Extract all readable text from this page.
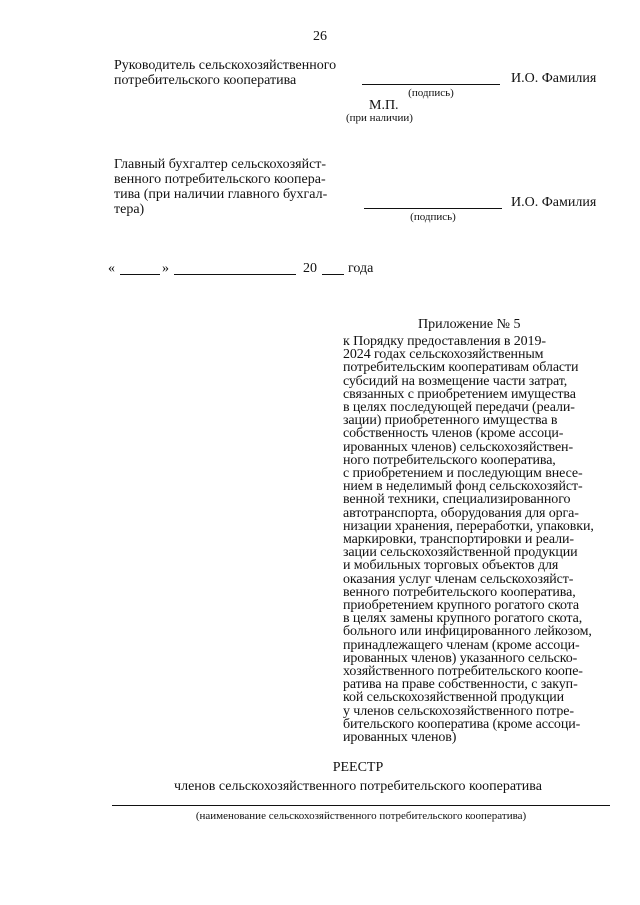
26
Руководитель сельскохозяйственного
потребительского кооператива
(подпись)
И.О. Фамилия
М.П.
(при наличии)
Главный бухгалтер сельскохозяйст-
венного потребительского коопера-
тива (при наличии главного бухгал-
тера)	(подпись)
И.О. Фамилия
«	»	20 года
Приложение № 5
к Порядку предоставления в 2019-
2024 годах сельскохозяйственным
потребительским кооперативам области
субсидий на возмещение части затрат,
связанных с приобретением имущества
в целях последующей передачи (реали-
зации) приобретенного имущества в
собственность членов (кроме ассоци-
ированных членов) сельскохозяйствен-
ного потребительского кооператива,
с приобретением и последующим внесе-
нием в неделимый фонд сельскохозяйст-
венной техники, специализированного
автотранспорта, оборудования для орга-
низации хранения, переработки, упаковки,
маркировки, транспортировки и реали-
зации сельскохозяйственной продукции
и мобильных торговых объектов для
оказания услуг членам сельскохозяйст-
венного потребительского кооператива,
приобретением крупного рогатого скота
в целях замены крупного рогатого скота,
больного или инфицированного лейкозом,
принадлежащего членам (кроме ассоци-
ированных членов) указанного сельско-
хозяйственного потребительского коопе-
ратива на праве собственности, с закуп-
кой сельскохозяйственной продукции
у членов сельскохозяйственного потре-
бительского кооператива (кроме ассоци-
ированных членов)
РЕЕСТР
членов сельскохозяйственного потребительского кооператива
(наименование сельскохозяйственного потребительского кооператива)
